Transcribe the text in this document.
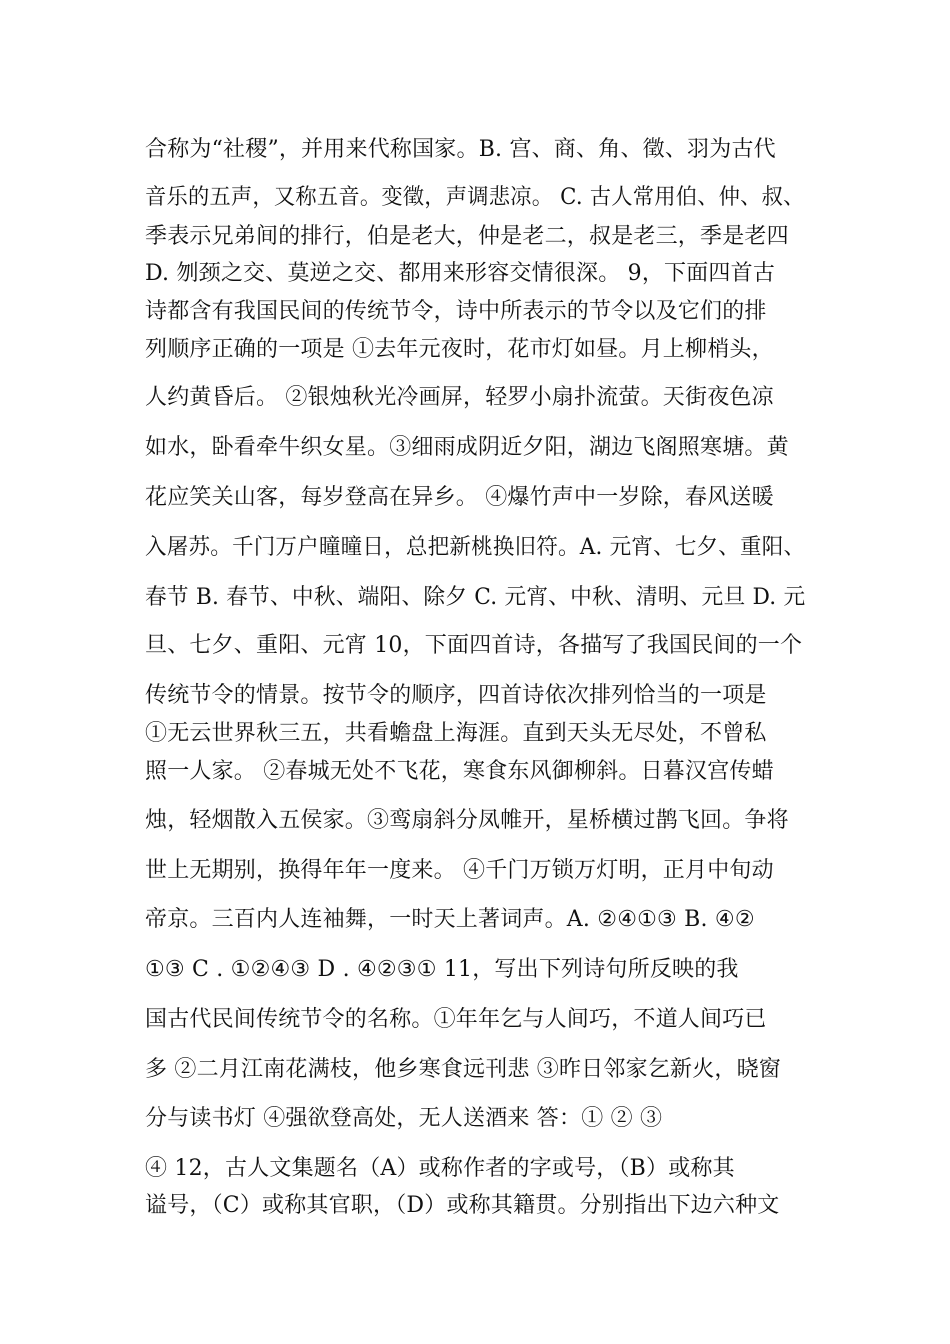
合称为“社稷”，并用来代称国家。B. 宫、商、角、徵、羽为古代
音乐的五声，又称五音。变徵，声调悲凉。 C. 古人常用伯、仲、叔、
季表示兄弟间的排行，伯是老大，仲是老二，叔是老三，季是老四
D. 刎颈之交、莫逆之交、都用来形容交情很深。 9，下面四首古
诗都含有我国民间的传统节令，诗中所表示的节令以及它们的排
列顺序正确的一项是 ①去年元夜时，花市灯如昼。月上柳梢头，
人约黄昏后。 ②银烛秋光冷画屏，轻罗小扇扑流萤。天街夜色凉
如水，卧看牵牛织女星。③细雨成阴近夕阳，湖边飞阁照寒塘。黄
花应笑关山客，每岁登高在异乡。 ④爆竹声中一岁除，春风送暖
入屠苏。千门万户曈曈日，总把新桃换旧符。A. 元宵、七夕、重阳、
春节 B. 春节、中秋、端阳、除夕 C. 元宵、中秋、清明、元旦 D. 元
旦、七夕、重阳、元宵 10，下面四首诗，各描写了我国民间的一个
传统节令的情景。按节令的顺序，四首诗依次排列恰当的一项是
①无云世界秋三五，共看蟾盘上海涯。直到天头无尽处，不曾私
照一人家。 ②春城无处不飞花，寒食东风御柳斜。日暮汉宫传蜡
烛，轻烟散入五侯家。③鸾扇斜分凤帷开，星桥横过鹊飞回。争将
世上无期别，换得年年一度来。 ④千门万锁万灯明，正月中旬动
帝京。三百内人连袖舞，一时天上著词声。A. ②④①③ B. ④②
①③ C . ①②④③ D . ④②③① 11，写出下列诗句所反映的我
国古代民间传统节令的名称。①年年乞与人间巧，不道人间巧已
多 ②二月江南花满枝，他乡寒食远刊悲 ③昨日邻家乞新火，晓窗
分与读书灯 ④强欲登高处，无人送酒来 答：① ② ③
④ 12，古人文集题名（A）或称作者的字或号，（B）或称其
谥号，（C）或称其官职，（D）或称其籍贯。分别指出下边六种文
